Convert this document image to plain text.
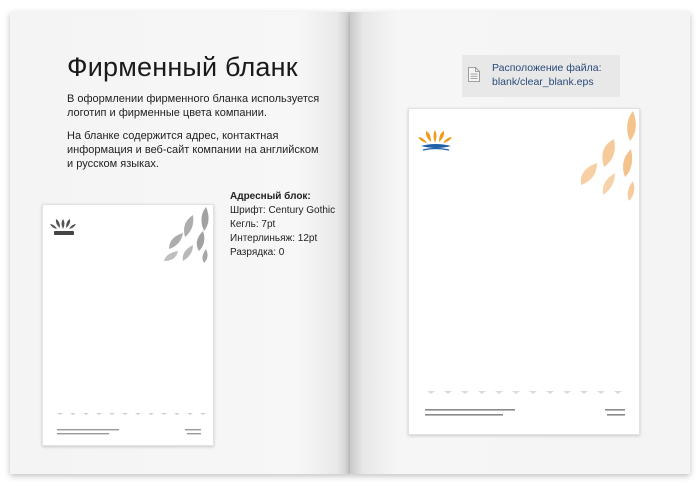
Фирменный бланк

В оформлении фирменного бланка используется логотип и фирменные цвета компании.

На бланке содержится адрес, контактная информация и веб-сайт компании на английском и русском языках.

Адресный блок:
Шрифт: Century Gothic
Кегль: 7pt
Интерлиньяж: 12pt
Разрядка: 0
Расположение файла:
blank/clear_blank.eps
